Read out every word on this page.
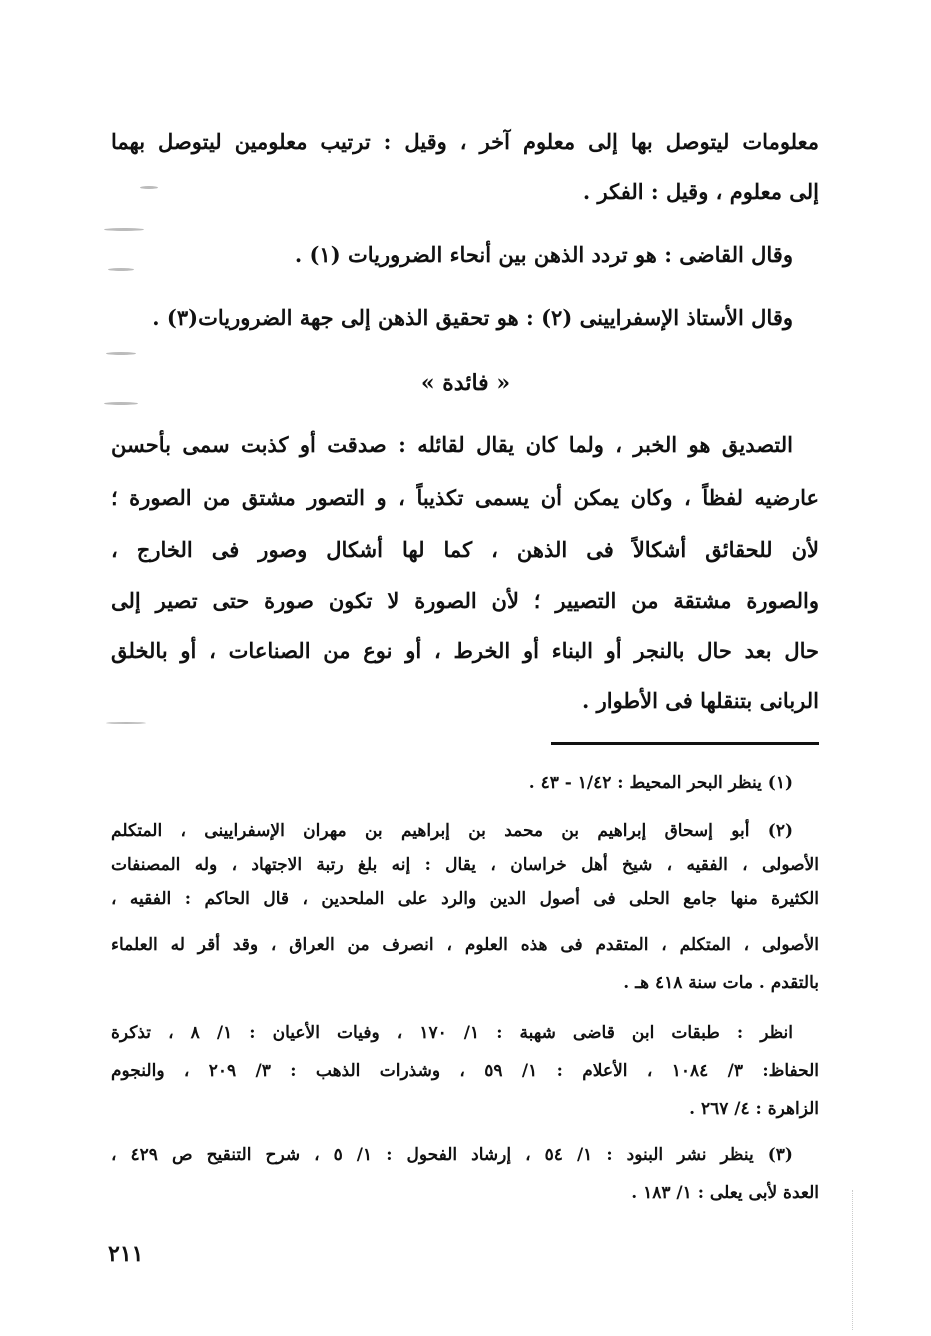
معلومات ليتوصل بها إلى معلوم آخر ، وقيل : ترتيب معلومين ليتوصل بهما
إلى معلوم ، وقيل : الفكر .
وقال القاضى : هو تردد الذهن بين أنحاء الضروريات (١) .
وقال الأستاذ الإسفرايينى (٢) : هو تحقيق الذهن إلى جهة الضروريات(٣) .
« فائدة »
التصديق هو الخبر ، ولما كان يقال لقائله : صدقت أو كذبت سمى بأحسن
عارضيه لفظاً ، وكان يمكن أن يسمى تكذيباً ، و التصور مشتق من الصورة ؛
لأن للحقائق أشكالاً فى الذهن ، كما لها أشكال وصور فى الخارج ،
والصورة مشتقة من التصيير ؛ لأن الصورة لا تكون صورة حتى تصير إلى
حال بعد حال بالنجر أو البناء أو الخرط ، أو نوع من الصناعات ، أو بالخلق
الربانى بتنقلها فى الأطوار .
(١) ينظر البحر المحيط : ١/٤٢ - ٤٣ .
(٢) أبو إسحاق إبراهيم بن محمد بن إبراهيم بن مهران الإسفرايينى ، المتكلم
الأصولى ، الفقيه ، شيخ أهل خراسان ، يقال : إنه بلغ رتبة الاجتهاد ، وله المصنفات
الكثيرة منها جامع الحلى فى أصول الدين والرد على الملحدين ، قال الحاكم : الفقيه ،
الأصولى ، المتكلم ، المتقدم فى هذه العلوم ، انصرف من العراق ، وقد أقر له العلماء
بالتقدم . مات سنة ٤١٨ هـ .
انظر : طبقات ابن قاضى شهبة : ١/ ١٧٠ ، وفيات الأعيان : ١/ ٨ ، تذكرة
الحفاظ: ٣/ ١٠٨٤ ، الأعلام : ١/ ٥٩ ، وشذرات الذهب : ٣/ ٢٠٩ ، والنجوم
الزاهرة : ٤/ ٢٦٧ .
(٣) ينظر نشر البنود : ١/ ٥٤ ، إرشاد الفحول : ١/ ٥ ، شرح التنقيح ص ٤٢٩ ،
العدة لأبى يعلى : ١/ ١٨٣ .
٢١١
